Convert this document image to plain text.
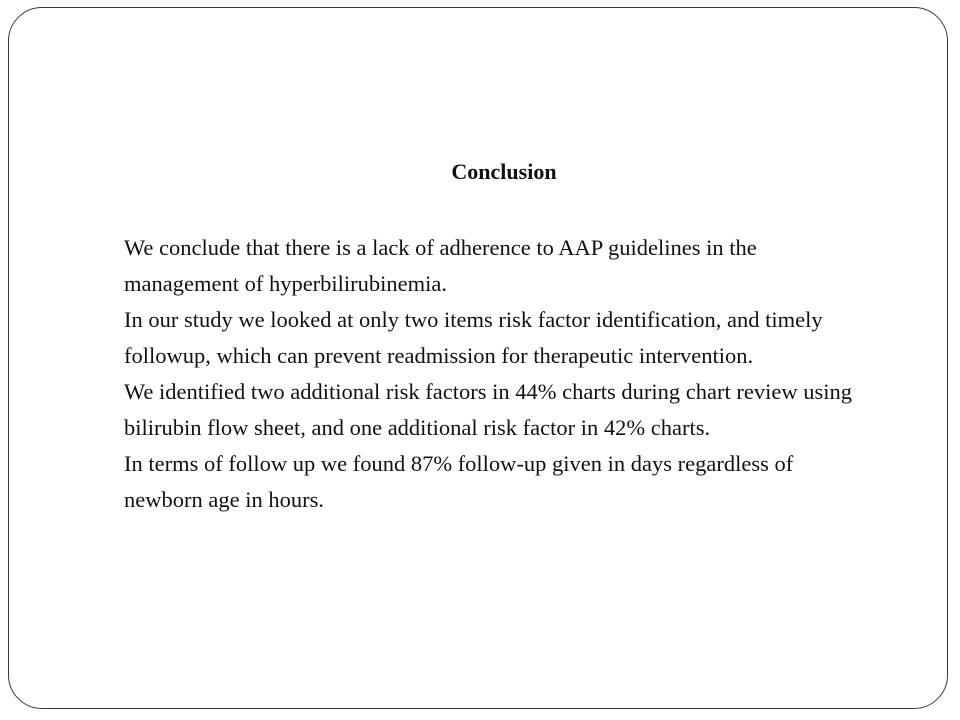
Conclusion

We conclude that there is a lack of adherence to AAP guidelines in the management of hyperbilirubinemia.

In our study we looked at only two items risk factor identification, and timely followup, which can prevent readmission for therapeutic intervention.

We identified two additional risk factors in 44% charts during chart review using bilirubin flow sheet, and one additional risk factor in 42% charts.

In terms of follow up we found 87% follow-up given in days regardless of newborn age in hours.
